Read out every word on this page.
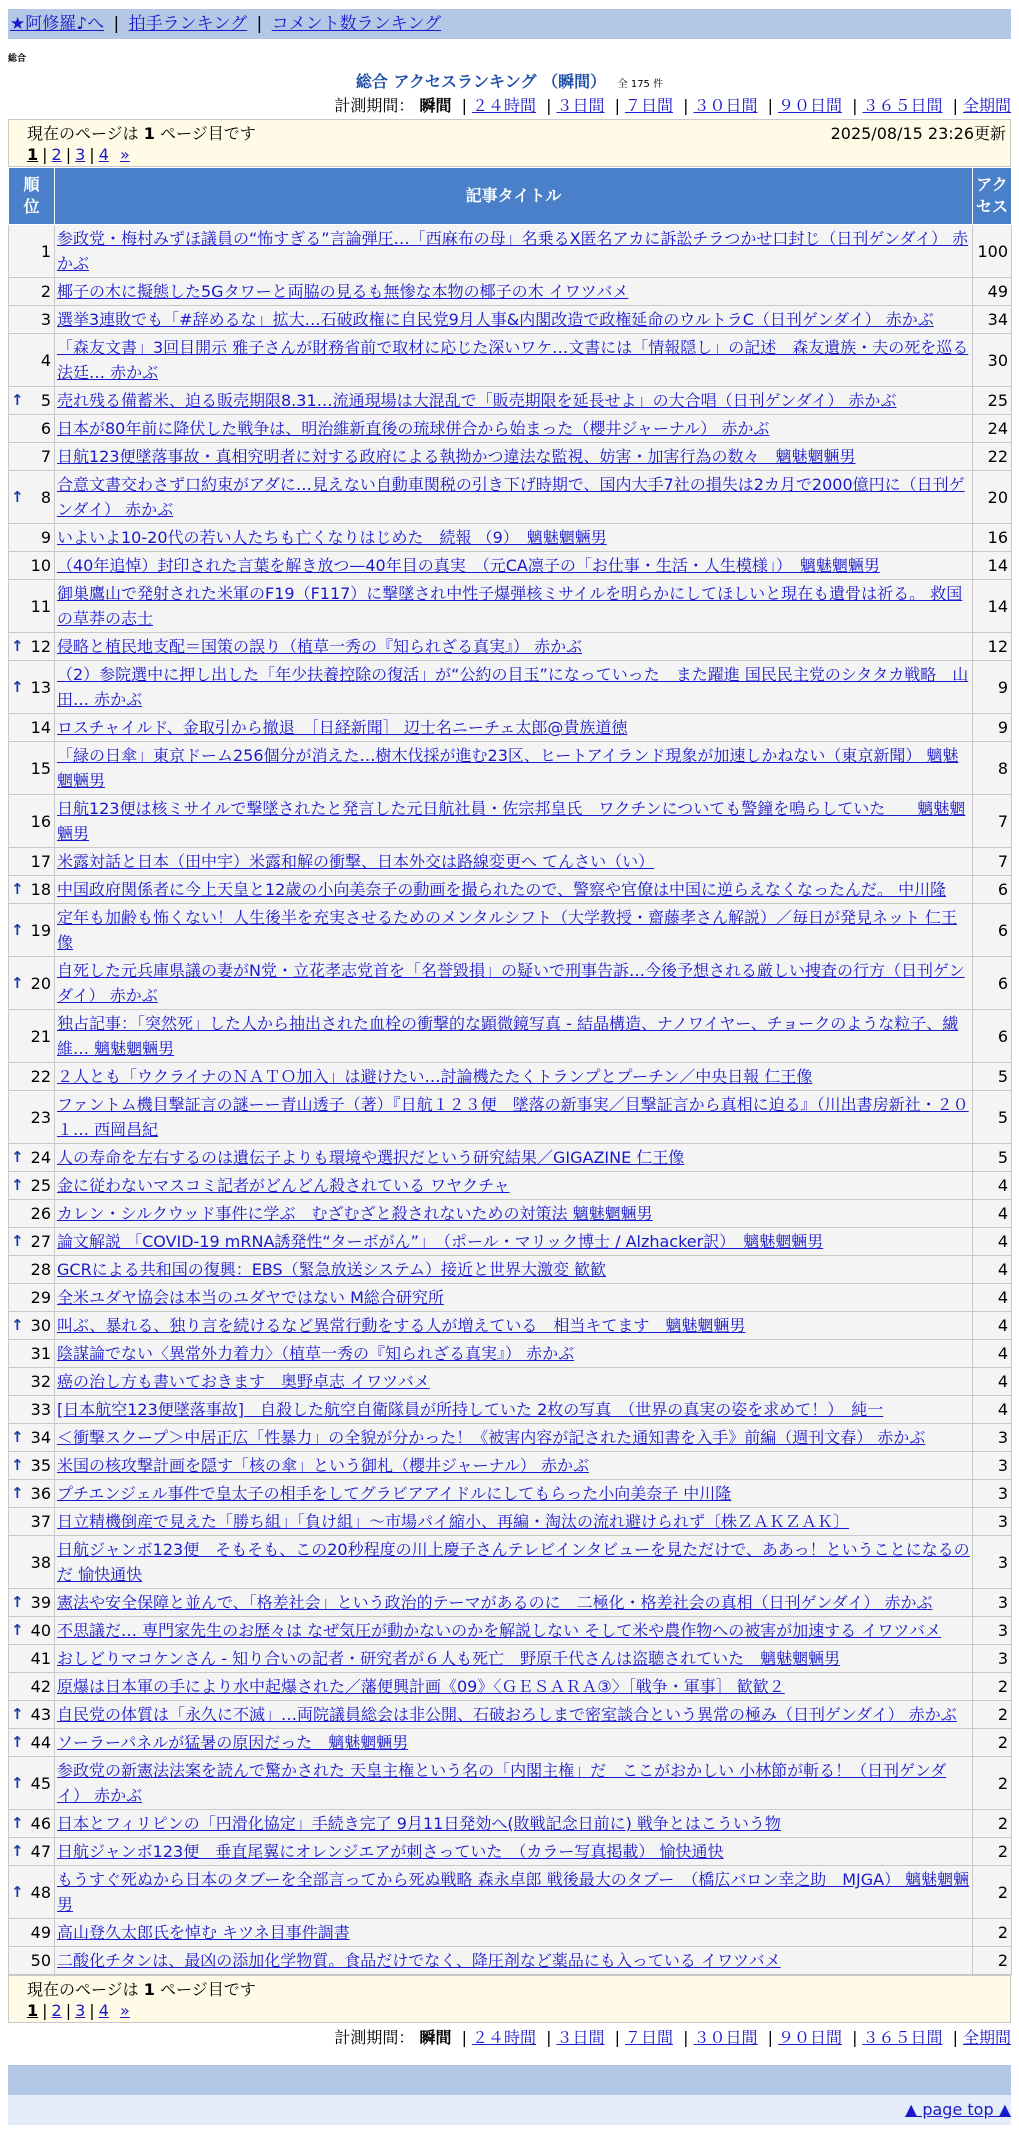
★阿修羅♪へ | 拍手ランキング | コメント数ランキング
総合
総合 アクセスランキング （瞬間） 全 175 件
計測期間： 瞬間 | ２４時間 | ３日間 | ７日間 | ３０日間 | ９０日間 | ３６５日間 | 全期間
現在のページは 1 ページ目です	2025/08/15 23:26更新
1 | 2 | 3 | 4 »
順位	記事タイトル	アクセス
1	参政党・梅村みずほ議員の“怖すぎる”言論弾圧…「西麻布の母」名乗るX匿名アカに訴訟チラつかせ口封じ（日刊ゲンダイ） 赤かぶ	100
2	椰子の木に擬態した5Gタワーと両脇の見るも無惨な本物の椰子の木 イワツバメ	49
3	選挙3連敗でも「#辞めるな」拡大…石破政権に自民党9月人事&内閣改造で政権延命のウルトラC（日刊ゲンダイ） 赤かぶ	34
4	「森友文書」3回目開示 雅子さんが財務省前で取材に応じた深いワケ…文書には「情報隠し」の記述　森友遺族・夫の死を巡る法廷… 赤かぶ	30

↑ 5	売れ残る備蓄米、迫る販売期限8.31…流通現場は大混乱で「販売期限を延長せよ」の大合唱（日刊ゲンダイ） 赤かぶ	25
6	日本が80年前に降伏した戦争は、明治維新直後の琉球併合から始まった（櫻井ジャーナル） 赤かぶ	24
7	日航123便墜落事故・真相究明者に対する政府による執拗かつ違法な監視、妨害・加害行為の数々　魑魅魍魎男	22

↑ 8	合意文書交わさず口約束がアダに…見えない自動車関税の引き下げ時期で、国内大手7社の損失は2カ月で2000億円に（日刊ゲンダイ） 赤かぶ	20
9	いよいよ10-20代の若い人たちも亡くなりはじめた　続報 （9）　魑魅魍魎男	16
10	（40年追悼）封印された言葉を解き放つ—40年目の真実　（元CA凛子の「お仕事・生活・人生模様」）　魑魅魍魎男	14
11	御巣鷹山で発射された米軍のF19（F117）に撃墜され中性子爆弾核ミサイルを明らかにしてほしいと現在も遺骨は祈る。 救国の草莽の志士	14

↑ 12	侵略と植民地支配＝国策の誤り（植草一秀の『知られざる真実』） 赤かぶ	12

↑ 13	（2）参院選中に押し出した「年少扶養控除の復活」が“公約の目玉”になっていった　また躍進 国民民主党のシタタカ戦略　山田… 赤かぶ	9
14	ロスチャイルド、金取引から撤退　［日経新聞］ 辺士名ニーチェ太郎@貴族道徳	9
15	「緑の日傘」東京ドーム256個分が消えた…樹木伐採が進む23区、ヒートアイランド現象が加速しかねない（東京新聞） 魑魅魍魎男	8
16	日航123便は核ミサイルで撃墜されたと発言した元日航社員・佐宗邦皇氏　ワクチンについても警鐘を鳴らしていた　　魑魅魍魎男	7
17	米露対話と日本（田中宇）米露和解の衝撃、日本外交は路線変更へ てんさい（い）	7

↑ 18	中国政府関係者に今上天皇と12歳の小向美奈子の動画を撮られたので、警察や官僚は中国に逆らえなくなったんだ。 中川隆	6

↑ 19	定年も加齢も怖くない！人生後半を充実させるためのメンタルシフト（大学教授・齋藤孝さん解説）／毎日が発見ネット 仁王像	6

↑ 20	自死した元兵庫県議の妻がN党・立花孝志党首を「名誉毀損」の疑いで刑事告訴…今後予想される厳しい捜査の行方（日刊ゲンダイ） 赤かぶ	6
21	独占記事：「突然死」した人から抽出された血栓の衝撃的な顕微鏡写真 - 結晶構造、ナノワイヤー、チョークのような粒子、繊維… 魑魅魍魎男	6
22	２人とも「ウクライナのＮＡＴＯ加入」は避けたい…討論機たたくトランプとプーチン／中央日報 仁王像	5
23	ファントム機目撃証言の謎ーー青山透子（著）『日航１２３便　墜落の新事実／目撃証言から真相に迫る』（川出書房新社・２０１… 西岡昌紀	5

↑ 24	人の寿命を左右するのは遺伝子よりも環境や選択だという研究結果／GIGAZINE 仁王像	5

↑ 25	金に従わないマスコミ記者がどんどん殺されている ワヤクチャ	4
26	カレン・シルクウッド事件に学ぶ　むざむざと殺されないための対策法 魑魅魍魎男	4

↑ 27	論文解説 「COVID-19 mRNA誘発性“ターボがん”」　（ポール・マリック博士 / Alzhacker訳）　魑魅魍魎男	4
28	GCRによる共和国の復興：EBS（緊急放送システム）接近と世界大激変 歓歓	4
29	全米ユダヤ協会は本当のユダヤではない M総合研究所	4

↑ 30	叫ぶ、暴れる、独り言を続けるなど異常行動をする人が増えている　相当キてます　魑魅魍魎男	4
31	陰謀論でない〈異常外力着力〉（植草一秀の『知られざる真実』） 赤かぶ	4
32	癌の治し方も書いておきます　奥野卓志 イワツバメ	4
33	[日本航空123便墜落事故]　自殺した航空自衛隊員が所持していた 2枚の写真　（世界の真実の姿を求めて！）　純一	4

↑ 34	＜衝撃スクープ＞中居正広「性暴力」の全貌が分かった！《被害内容が記された通知書を入手》前編（週刊文春） 赤かぶ	3

↑ 35	米国の核攻撃計画を隠す「核の傘」という御札（櫻井ジャーナル） 赤かぶ	3

↑ 36	プチエンジェル事件で皇太子の相手をしてグラビアアイドルにしてもらった小向美奈子 中川隆	3
37	日立精機倒産で見えた「勝ち組」「負け組」～市場パイ縮小、再編・淘汰の流れ避けられず〔株ＺＡＫＺＡＫ〕	3
38	日航ジャンボ123便　そもそも、この20秒程度の川上慶子さんテレビインタビューを見ただけで、ああっ！ということになるのだ 愉快通快	3

↑ 39	憲法や安全保障と並んで、「格差社会」という政治的テーマがあるのに　二極化・格差社会の真相（日刊ゲンダイ） 赤かぶ	3

↑ 40	不思議だ… 専門家先生のお歴々は なぜ気圧が動かないのかを解説しない そして米や農作物への被害が加速する イワツバメ	3
41	おしどりマコケンさん - 知り合いの記者・研究者が６人も死亡　野原千代さんは盗聴されていた　魑魅魍魎男	3
42	原爆は日本軍の手により水中起爆された／藩便興計画《09》〈ＧＥＳＡＲＡ③〉［戦争・軍事］ 歓歓２	2

↑ 43	自民党の体質は「永久に不滅」…両院議員総会は非公開、石破おろしまで密室談合という異常の極み（日刊ゲンダイ） 赤かぶ	2

↑ 44	ソーラーパネルが猛暑の原因だった　魑魅魍魎男	2

↑ 45	参政党の新憲法法案を読んで驚かされた 天皇主権という名の「内閣主権」だ　ここがおかしい 小林節が斬る！（日刊ゲンダイ） 赤かぶ	2

↑ 46	日本とフィリピンの「円滑化協定」手続き完了 9月11日発効へ(敗戦記念日前に) 戦争とはこういう物	2

↑ 47	日航ジャンボ123便　垂直尾翼にオレンジエアが刺さっていた　（カラー写真掲載） 愉快通快	2

↑ 48	もうすぐ死ぬから日本のタブーを全部言ってから死ぬ戦略 森永卓郎 戦後最大のタブー　（橋広バロン幸之助　MJGA） 魑魅魍魎男	2
49	高山登久太郎氏を悼む キツネ目事件調書	2
50	二酸化チタンは、最凶の添加化学物質。食品だけでなく、降圧剤など薬品にも入っている イワツバメ	2
現在のページは 1 ページ目です
1 | 2 | 3 | 4 »
計測期間： 瞬間 | ２４時間 | ３日間 | ７日間 | ３０日間 | ９０日間 | ３６５日間 | 全期間
▲ page top ▲
